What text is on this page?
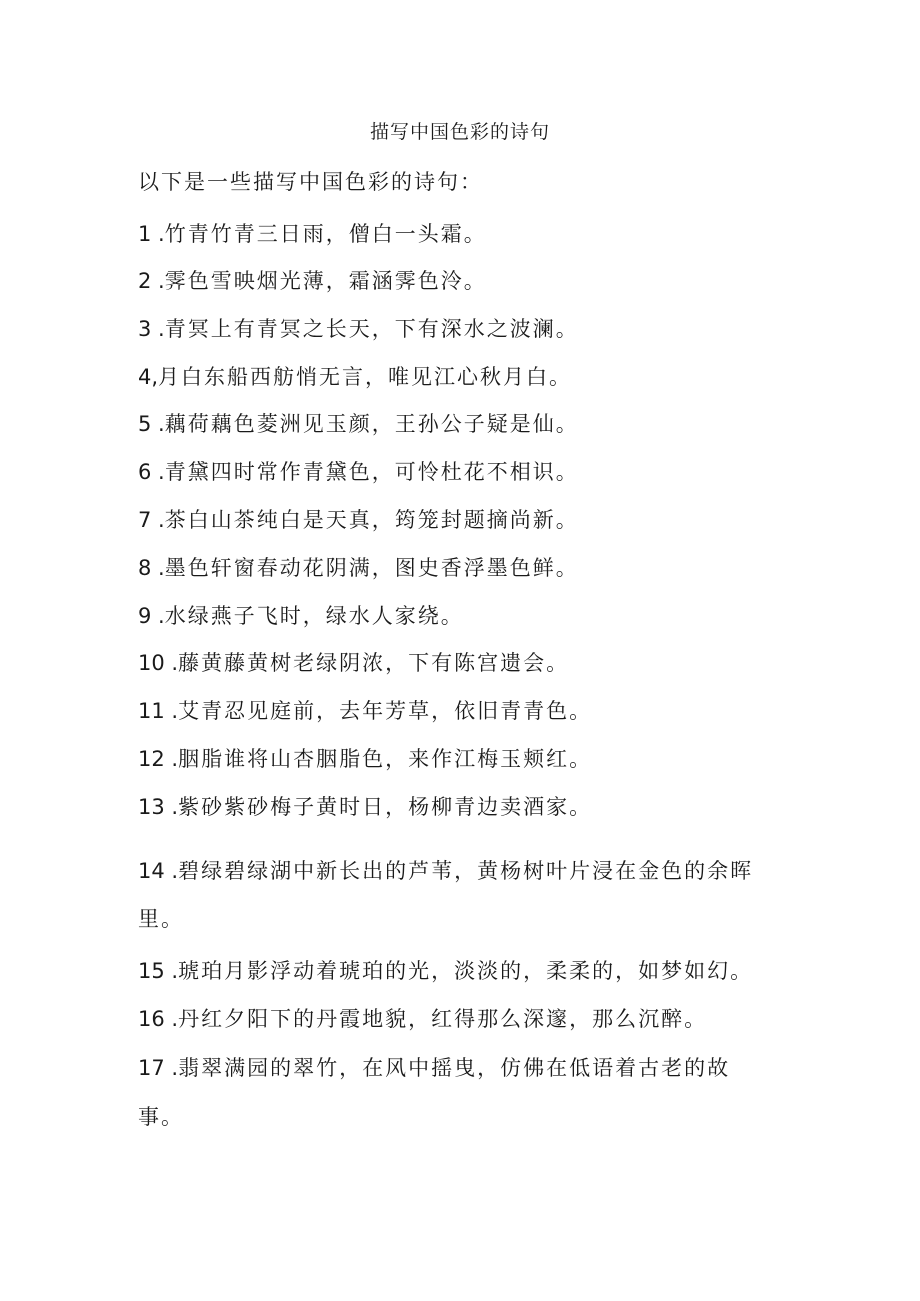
描写中国色彩的诗句
以下是一些描写中国色彩的诗句：
1 .竹青竹青三日雨，僧白一头霜。
2 .霁色雪映烟光薄，霜涵霁色泠。
3 .青冥上有青冥之长天，下有深水之波澜。
4,月白东船西舫悄无言，唯见江心秋月白。
5 .藕荷藕色菱洲见玉颜，王孙公子疑是仙。
6 .青黛四时常作青黛色，可怜杜花不相识。
7 .茶白山茶纯白是天真，筠笼封题摘尚新。
8 .墨色轩窗春动花阴满，图史香浮墨色鲜。
9 .水绿燕子飞时，绿水人家绕。
10 .藤黄藤黄树老绿阴浓，下有陈宫遗会。
11 .艾青忍见庭前，去年芳草，依旧青青色。
12 .胭脂谁将山杏胭脂色，来作江梅玉颊红。
13 .紫砂紫砂梅子黄时日，杨柳青边卖酒家。
14 .碧绿碧绿湖中新长出的芦苇，黄杨树叶片浸在金色的余晖
里。
15 .琥珀月影浮动着琥珀的光，淡淡的，柔柔的，如梦如幻。
16 .丹红夕阳下的丹霞地貌，红得那么深邃，那么沉醉。
17 .翡翠满园的翠竹，在风中摇曳，仿佛在低语着古老的故
事。
